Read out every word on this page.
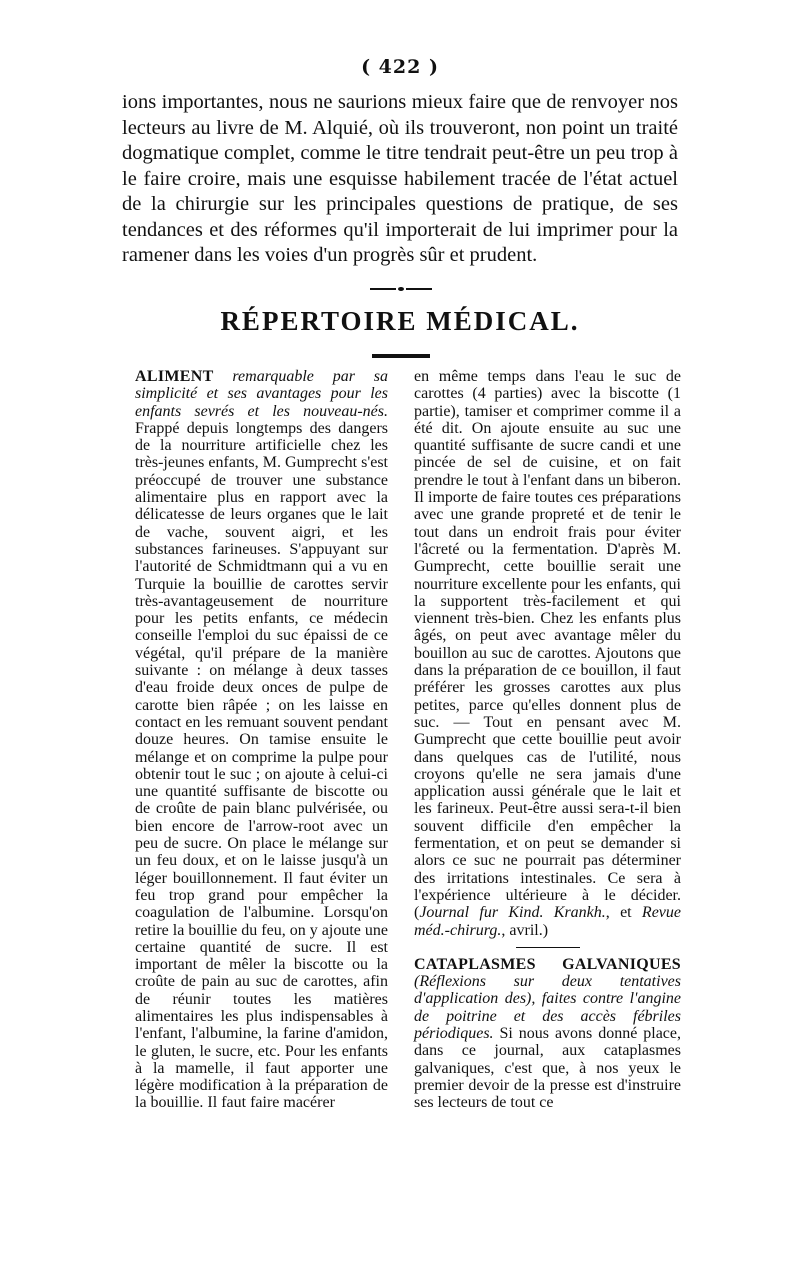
( 422 )

ions importantes, nous ne saurions mieux faire que de renvoyer nos lecteurs au livre de M. Alquié, où ils trouveront, non point un traité dogmatique complet, comme le titre tendrait peut-être un peu trop à le faire croire, mais une esquisse habilement tracée de l'état actuel de la chirurgie sur les principales questions de pratique, de ses tendances et des réformes qu'il importerait de lui imprimer pour la ramener dans les voies d'un progrès sûr et prudent.

RÉPERTOIRE MÉDICAL.

ALIMENT remarquable par sa simplicité et ses avantages pour les enfants sevrés et les nouveau-nés. Frappé depuis longtemps des dangers de la nourriture artificielle chez les très-jeunes enfants, M. Gumprecht s'est préoccupé de trouver une substance alimentaire plus en rapport avec la délicatesse de leurs organes que le lait de vache, souvent aigri, et les substances farineuses. S'appuyant sur l'autorité de Schmidtmann qui a vu en Turquie la bouillie de carottes servir très-avantageusement de nourriture pour les petits enfants, ce médecin conseille l'emploi du suc épaissi de ce végétal, qu'il prépare de la manière suivante : on mélange à deux tasses d'eau froide deux onces de pulpe de carotte bien râpée ; on les laisse en contact en les remuant souvent pendant douze heures. On tamise ensuite le mélange et on comprime la pulpe pour obtenir tout le suc ; on ajoute à celui-ci une quantité suffisante de biscotte ou de croûte de pain blanc pulvérisée, ou bien encore de l'arrow-root avec un peu de sucre. On place le mélange sur un feu doux, et on le laisse jusqu'à un léger bouillonnement. Il faut éviter un feu trop grand pour empêcher la coagulation de l'albumine. Lorsqu'on retire la bouillie du feu, on y ajoute une certaine quantité de sucre. Il est important de mêler la biscotte ou la croûte de pain au suc de carottes, afin de réunir toutes les matières alimentaires les plus indispensables à l'enfant, l'albumine, la farine d'amidon, le gluten, le sucre, etc. Pour les enfants à la mamelle, il faut apporter une légère modification à la préparation de la bouillie. Il faut faire macérer

en même temps dans l'eau le suc de carottes (4 parties) avec la biscotte (1 partie), tamiser et comprimer comme il a été dit. On ajoute ensuite au suc une quantité suffisante de sucre candi et une pincée de sel de cuisine, et on fait prendre le tout à l'enfant dans un biberon. Il importe de faire toutes ces préparations avec une grande propreté et de tenir le tout dans un endroit frais pour éviter l'âcreté ou la fermentation. D'après M. Gumprecht, cette bouillie serait une nourriture excellente pour les enfants, qui la supportent très-facilement et qui viennent très-bien. Chez les enfants plus âgés, on peut avec avantage mêler du bouillon au suc de carottes. Ajoutons que dans la préparation de ce bouillon, il faut préférer les grosses carottes aux plus petites, parce qu'elles donnent plus de suc. — Tout en pensant avec M. Gumprecht que cette bouillie peut avoir dans quelques cas de l'utilité, nous croyons qu'elle ne sera jamais d'une application aussi générale que le lait et les farineux. Peut-être aussi sera-t-il bien souvent difficile d'en empêcher la fermentation, et on peut se demander si alors ce suc ne pourrait pas déterminer des irritations intestinales. Ce sera à l'expérience ultérieure à le décider. (Journal fur Kind. Krankh., et Revue méd.-chirurg., avril.)

CATAPLASMES GALVANIQUES (Réflexions sur deux tentatives d'application des), faites contre l'angine de poitrine et des accès fébriles périodiques. Si nous avons donné place, dans ce journal, aux cataplasmes galvaniques, c'est que, à nos yeux le premier devoir de la presse est d'instruire ses lecteurs de tout ce
